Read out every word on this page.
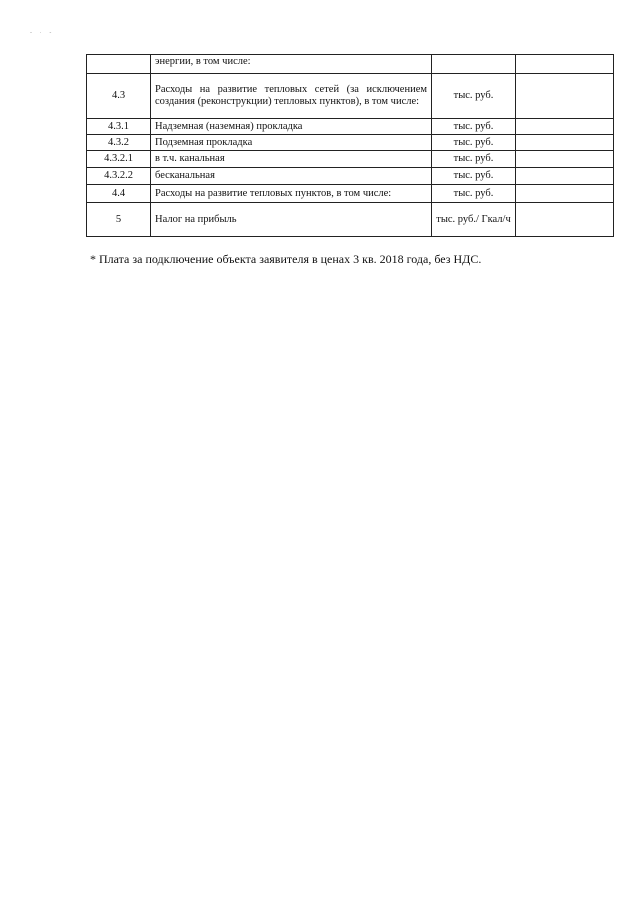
- · -
	энергии, в том числе:		
4.3	Расходы на развитие тепловых сетей (за исключением создания (реконструкции) тепловых пунктов), в том числе:	тыс. руб.	
4.3.1	Надземная (наземная) прокладка	тыс. руб.	
4.3.2	Подземная прокладка	тыс. руб.	
4.3.2.1	в т.ч. канальная	тыс. руб.	
4.3.2.2	бесканальная	тыс. руб.	
4.4	Расходы на развитие тепловых пунктов, в том числе:	тыс. руб.	
5	Налог на прибыль	тыс. руб./ Гкал/ч	
* Плата за подключение объекта заявителя в ценах 3 кв. 2018 года, без НДС.
